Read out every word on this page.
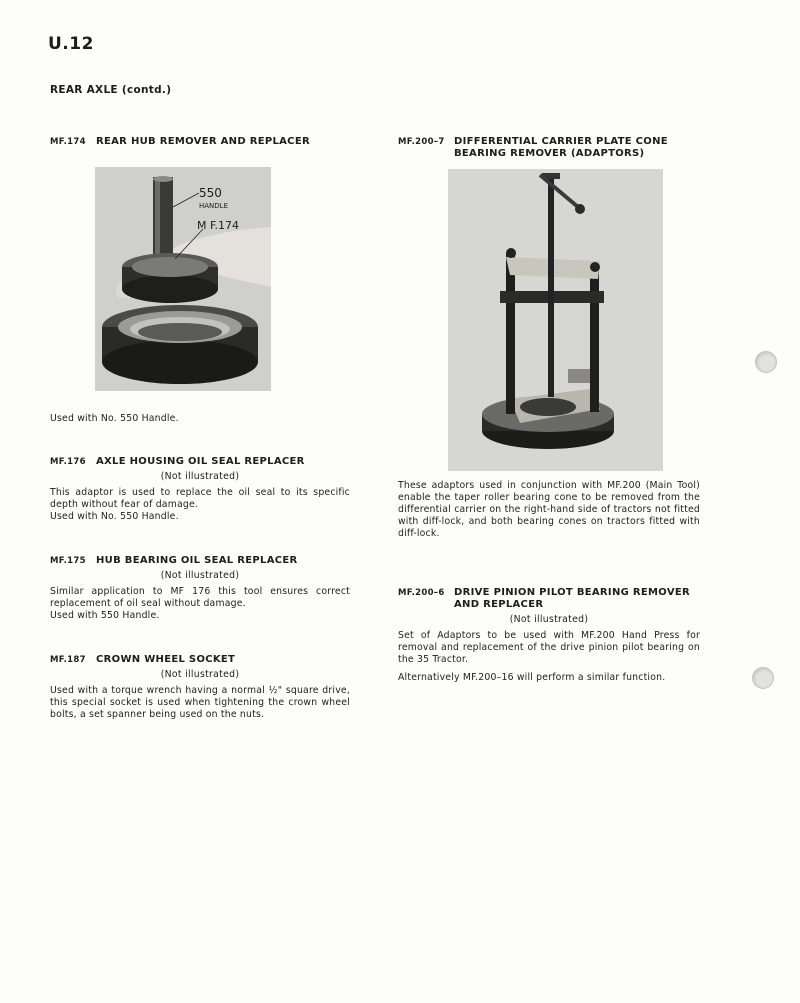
U.12
REAR AXLE (contd.)
MF.174	REAR HUB REMOVER AND REPLACER

Used with No. 550 Handle.

MF.176	AXLE HOUSING OIL SEAL REPLACER
(Not illustrated)

This adaptor is used to replace the oil seal to its specific depth without fear of damage.

Used with No. 550 Handle.

MF.175	HUB BEARING OIL SEAL REPLACER
(Not illustrated)

Similar application to MF 176 this tool ensures correct replacement of oil seal without damage.

Used with 550 Handle.

MF.187	CROWN WHEEL SOCKET
(Not illustrated)

Used with a torque wrench having a normal ½" square drive, this special socket is used when tightening the crown wheel bolts, a set spanner being used on the nuts.

550
HANDLE
M F.174
MF.200–7 DIFFERENTIAL CARRIER PLATE CONE BEARING REMOVER (ADAPTORS)

These adaptors used in conjunction with MF.200 (Main Tool) enable the taper roller bearing cone to be removed from the differential carrier on the right-hand side of tractors not fitted with diff-lock, and both bearing cones on tractors fitted with diff-lock.

MF.200–6 DRIVE PINION PILOT BEARING REMOVER AND REPLACER
(Not illustrated)

Set of Adaptors to be used with MF.200 Hand Press for removal and replacement of the drive pinion pilot bearing on the 35 Tractor.

Alternatively MF.200–16 will perform a similar function.
